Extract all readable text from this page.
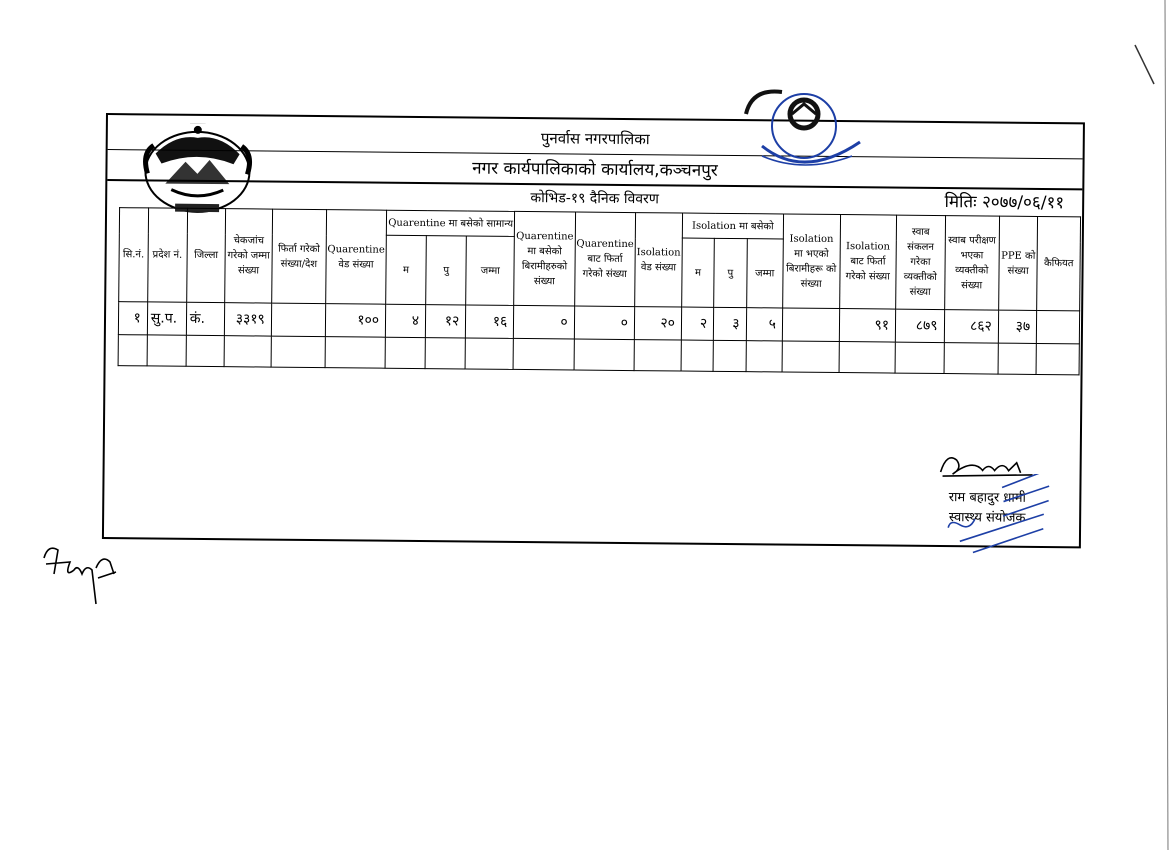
पुनर्वास नगरपालिका
नगर कार्यपालिकाको कार्यालय,कञ्चनपुर
कोभिड-१९ दैनिक विवरण	मितिः २०७७/०६/११
सि.नं.	प्रदेश नं.	जिल्ला	चेकजांच गरेको जम्मा संख्या	फिर्ता गरेको संख्या/देश	Quarentine वेड संख्या	Quarentine मा बसेको सामान्य			Quarentine मा बसेको बिरामीहरुको संख्या	Quarentine बाट फिर्ता गरेको संख्या	Isolation वेड संख्या	Isolation मा बसेको			Isolation मा भएको बिरामीहरू को संख्या	Isolation बाट फिर्ता गरेको संख्या	स्वाब संकलन गरेका व्यक्तीको संख्या	स्वाब परीक्षण भएका व्यक्तीको संख्या	PPE को संख्या	कैफियत
						म	पु	जम्मा				म	पु	जम्मा						
१	सु.प.	कं.	३३१९		१००	४	१२	१६	०	०	२०	२	३	५		९१	८७९	८६२	३७	

राम बहादुर धामी
स्वास्थ्य संयोजक
